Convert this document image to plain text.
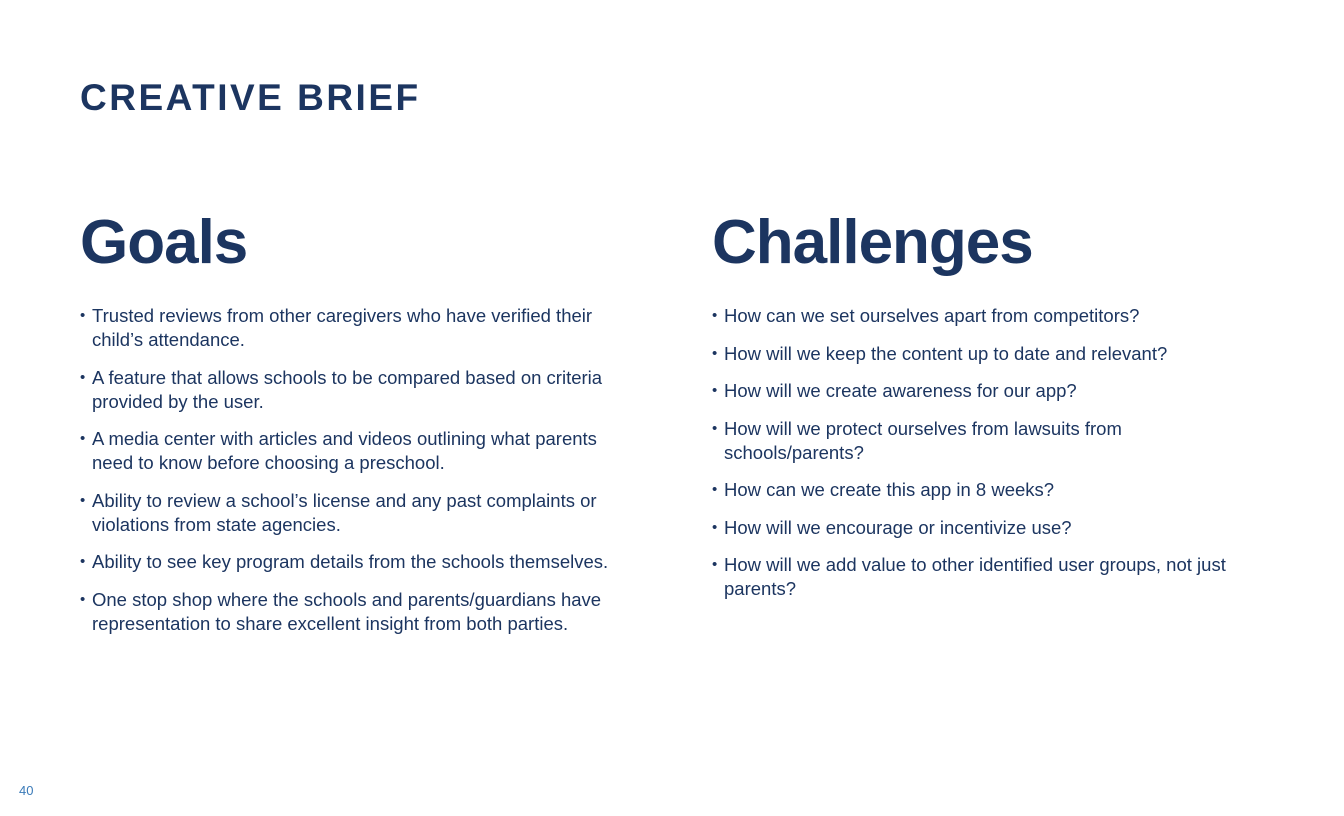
CREATIVE BRIEF
Goals
• Trusted reviews from other caregivers who have verified their child’s attendance.
• A feature that allows schools to be compared based on criteria provided by the user.
• A media center with articles and videos outlining what parents need to know before choosing a preschool.
• Ability to review a school’s license and any past complaints or violations from state agencies.
• Ability to see key program details from the schools themselves.
• One stop shop where the schools and parents/guardians have representation to share excellent insight from both parties.
Challenges
• How can we set ourselves apart from competitors?
• How will we keep the content up to date and relevant?
• How will we create awareness for our app?
• How will we protect ourselves from lawsuits from schools/parents?
• How can we create this app in 8 weeks?
• How will we encourage or incentivize use?
• How will we add value to other identified user groups, not just parents?
40
